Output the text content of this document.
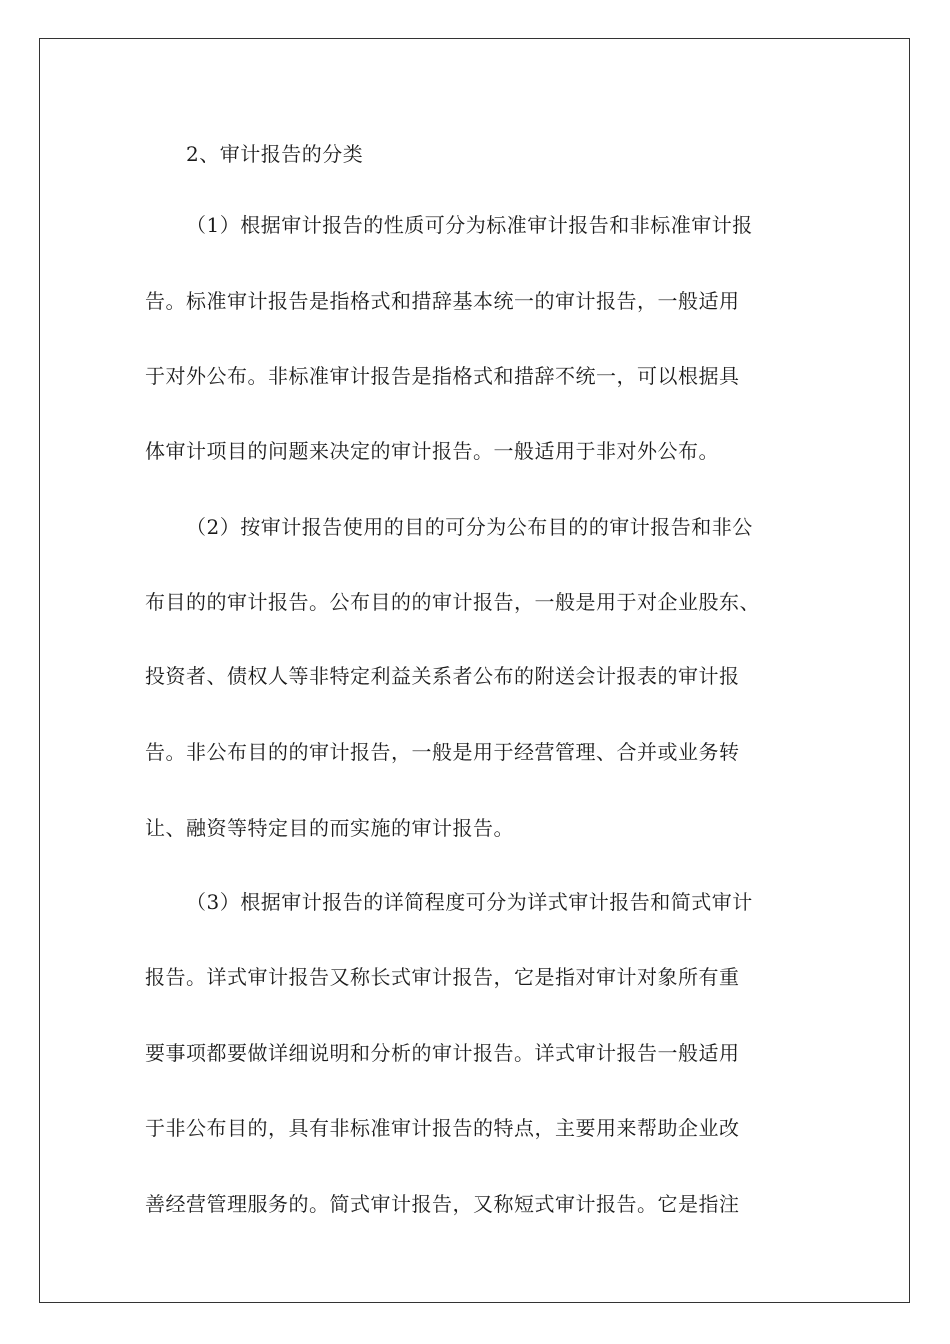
2、审计报告的分类
（1）根据审计报告的性质可分为标准审计报告和非标准审计报
告。标准审计报告是指格式和措辞基本统一的审计报告，一般适用
于对外公布。非标准审计报告是指格式和措辞不统一，可以根据具
体审计项目的问题来决定的审计报告。一般适用于非对外公布。
（2）按审计报告使用的目的可分为公布目的的审计报告和非公
布目的的审计报告。公布目的的审计报告，一般是用于对企业股东、
投资者、债权人等非特定利益关系者公布的附送会计报表的审计报
告。非公布目的的审计报告，一般是用于经营管理、合并或业务转
让、融资等特定目的而实施的审计报告。
（3）根据审计报告的详简程度可分为详式审计报告和简式审计
报告。详式审计报告又称长式审计报告，它是指对审计对象所有重
要事项都要做详细说明和分析的审计报告。详式审计报告一般适用
于非公布目的，具有非标准审计报告的特点，主要用来帮助企业改
善经营管理服务的。简式审计报告，又称短式审计报告。它是指注
